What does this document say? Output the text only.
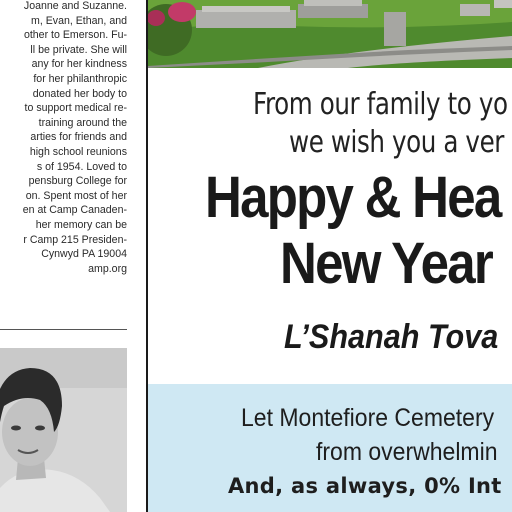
Joanne and Suzanne.
m, Evan, Ethan, and
other to Emerson. Fu-
ll be private. She will
any for her kindness
for her philanthropic
donated her body to
to support medical re-
training around the
arties for friends and
high school reunions
s of 1954. Loved to
pensburg College for
on. Spent most of her
en at Camp Canaden-
her memory can be
r Camp 215 Presiden-
Cynwyd PA 19004
amp.org
From our family to yo
we wish you a ver
Happy & Hea
New Year
L’Shanah Tova
Let Montefiore Cemetery
from overwhelmin
And, as always, 0% Int
